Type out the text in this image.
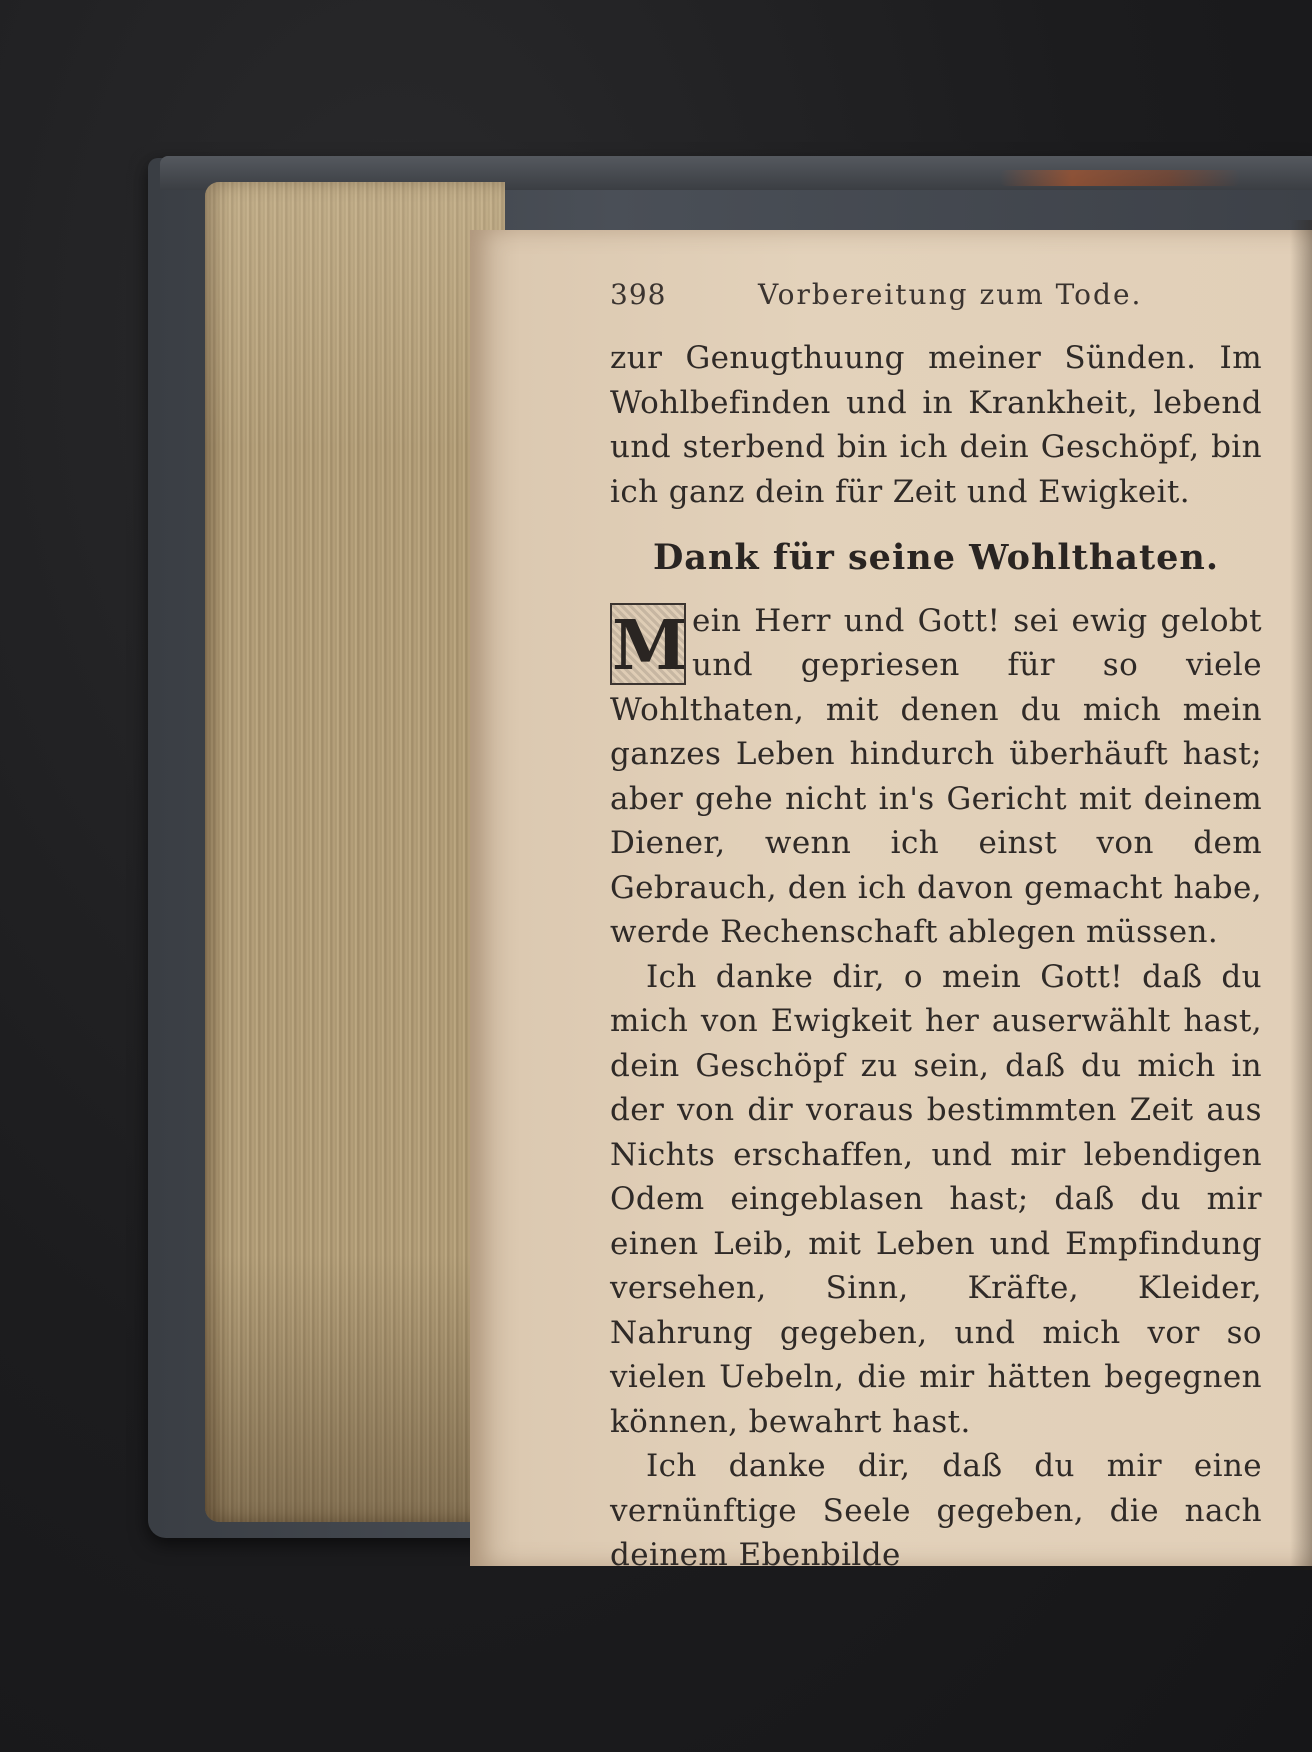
398	Vorbereitung zum Tode.

zur Genugthuung meiner Sünden. Im Wohlbefinden und in Krankheit, lebend und sterbend bin ich dein Geschöpf, bin ich ganz dein für Zeit und Ewigkeit.

Dank für seine Wohlthaten.
M ein Herr und Gott! sei ewig gelobt und gepriesen für so viele Wohlthaten, mit denen du mich mein ganzes Leben hindurch überhäuft hast; aber gehe nicht in's Gericht mit deinem Diener, wenn ich einst von dem Gebrauch, den ich davon gemacht habe, werde Rechenschaft ablegen müssen.

Ich danke dir, o mein Gott! daß du mich von Ewigkeit her auserwählt hast, dein Geschöpf zu sein, daß du mich in der von dir voraus bestimmten Zeit aus Nichts erschaffen, und mir lebendigen Odem eingeblasen hast; daß du mir einen Leib, mit Leben und Empfindung versehen, Sinn, Kräfte, Kleider, Nahrung gegeben, und mich vor so vielen Uebeln, die mir hätten begegnen können, bewahrt hast.

Ich danke dir, daß du mir eine vernünftige Seele gegeben, die nach deinem Ebenbilde
